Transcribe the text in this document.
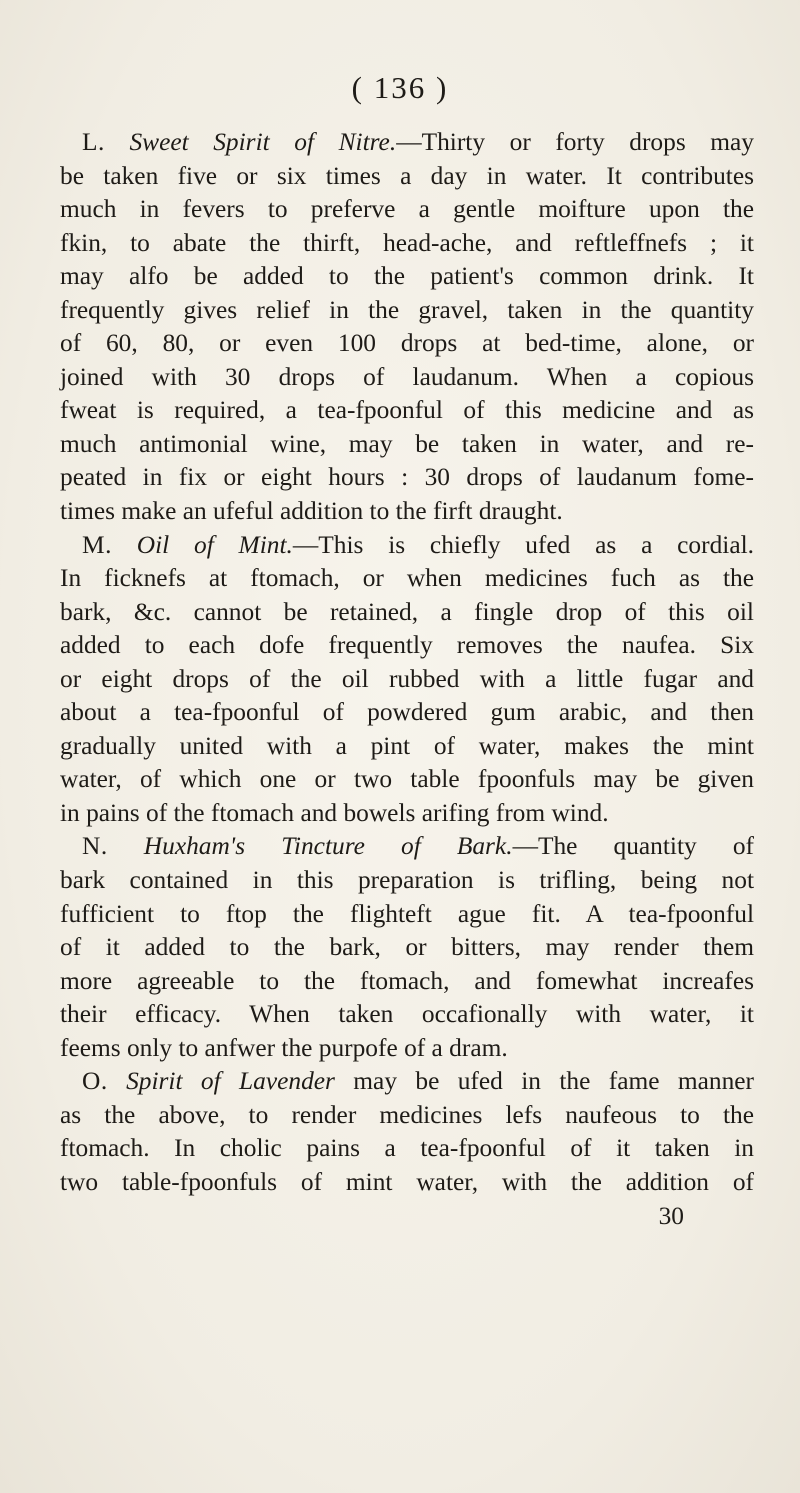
( 136 )
L. Sweet Spirit of Nitre.—Thirty or forty drops may
be taken five or six times a day in water. It contributes
much in fevers to preferve a gentle moifture upon the
fkin, to abate the thirft, head-ache, and reftleffnefs ; it
may alfo be added to the patient's common drink. It
frequently gives relief in the gravel, taken in the quantity
of 60, 80, or even 100 drops at bed-time, alone, or
joined with 30 drops of laudanum. When a copious
fweat is required, a tea-fpoonful of this medicine and as
much antimonial wine, may be taken in water, and re-
peated in fix or eight hours : 30 drops of laudanum fome-
times make an ufeful addition to the firft draught.
M. Oil of Mint.—This is chiefly ufed as a cordial.
In ficknefs at ftomach, or when medicines fuch as the
bark, &c. cannot be retained, a fingle drop of this oil
added to each dofe frequently removes the naufea. Six
or eight drops of the oil rubbed with a little fugar and
about a tea-fpoonful of powdered gum arabic, and then
gradually united with a pint of water, makes the mint
water, of which one or two table fpoonfuls may be given
in pains of the ftomach and bowels arifing from wind.
N. Huxham's Tincture of Bark.—The quantity of
bark contained in this preparation is trifling, being not
fufficient to ftop the flighteft ague fit. A tea-fpoonful
of it added to the bark, or bitters, may render them
more agreeable to the ftomach, and fomewhat increafes
their efficacy. When taken occafionally with water, it
feems only to anfwer the purpofe of a dram.
O. Spirit of Lavender may be ufed in the fame manner
as the above, to render medicines lefs naufeous to the
ftomach. In cholic pains a tea-fpoonful of it taken in
two table-fpoonfuls of mint water, with the addition of
30
